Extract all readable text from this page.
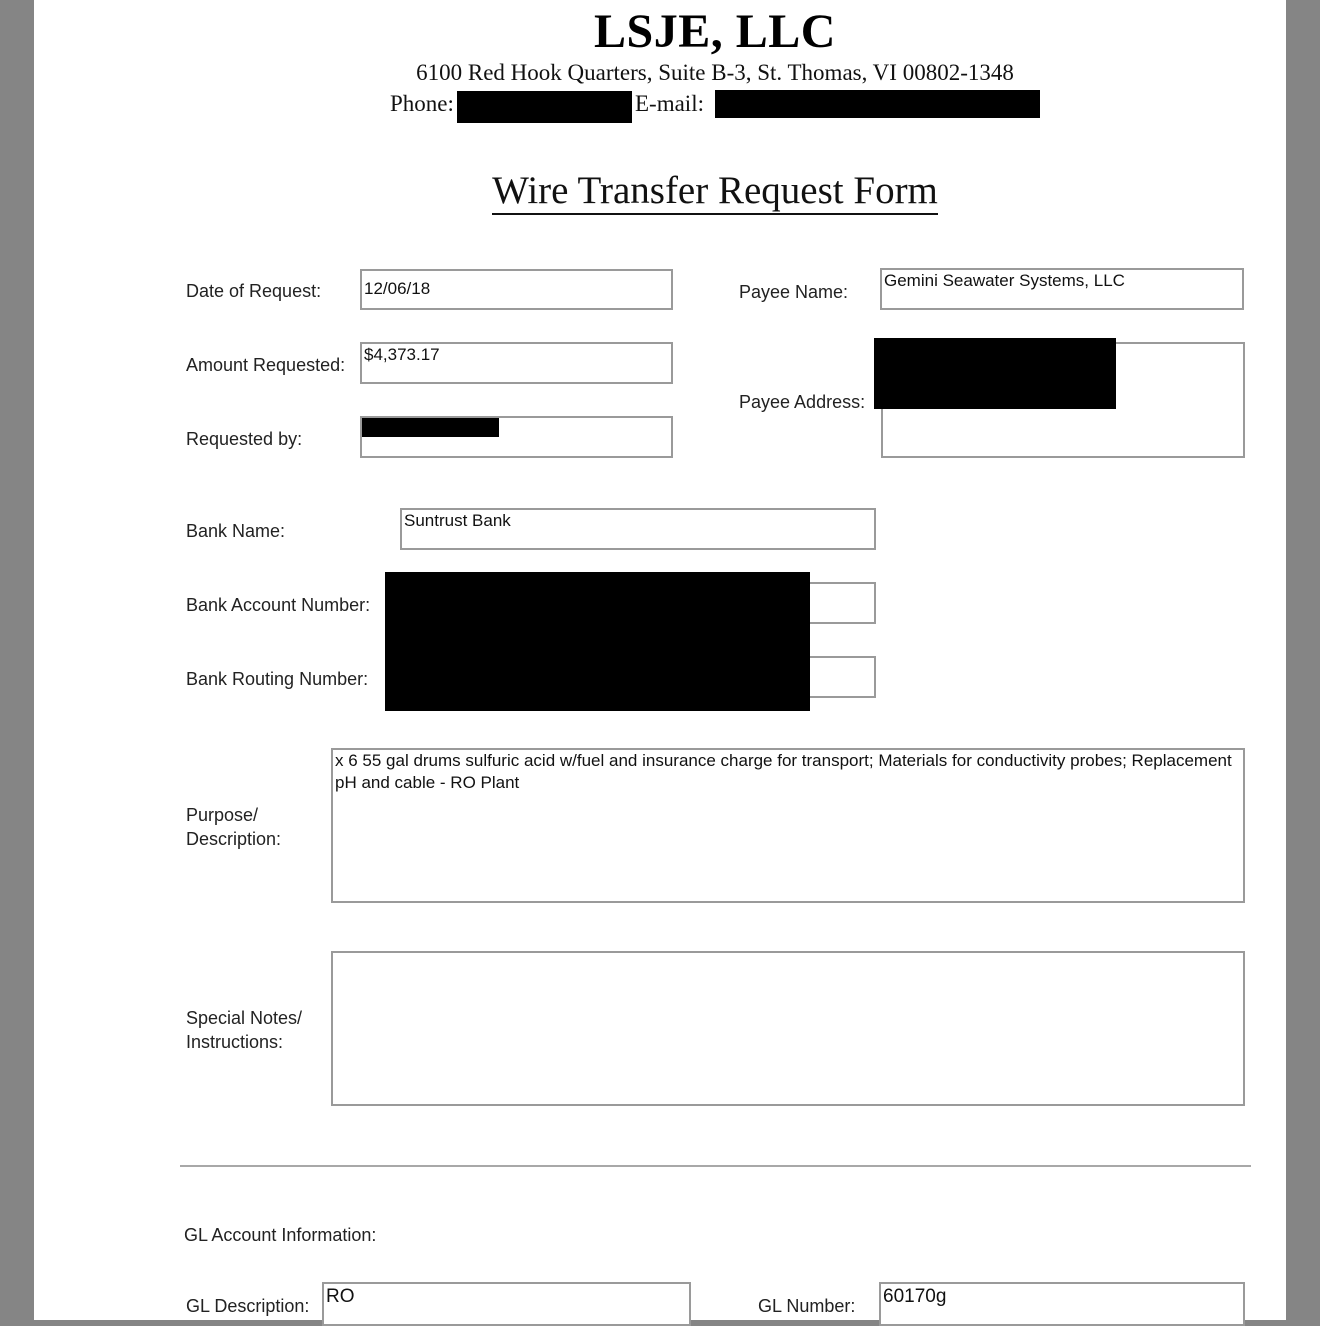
LSJE, LLC
6100 Red Hook Quarters, Suite B-3, St. Thomas, VI 00802-1348
Phone:	E-mail:
Wire Transfer Request Form
Date of Request:	12/06/18	Payee Name:
Gemini Seawater Systems, LLC
Amount Requested:
$4,373.17
Payee Address:
Requested by:
Bank Name:
Suntrust Bank
Bank Account Number:
Bank Routing Number:
Purpose/
Description:
x 6 55 gal drums sulfuric acid w/fuel and insurance charge for transport; Materials for conductivity probes; Replacement pH and cable - RO Plant
Special Notes/
Instructions:
GL Account Information:
GL Description: RO	GL Number: 60170g
